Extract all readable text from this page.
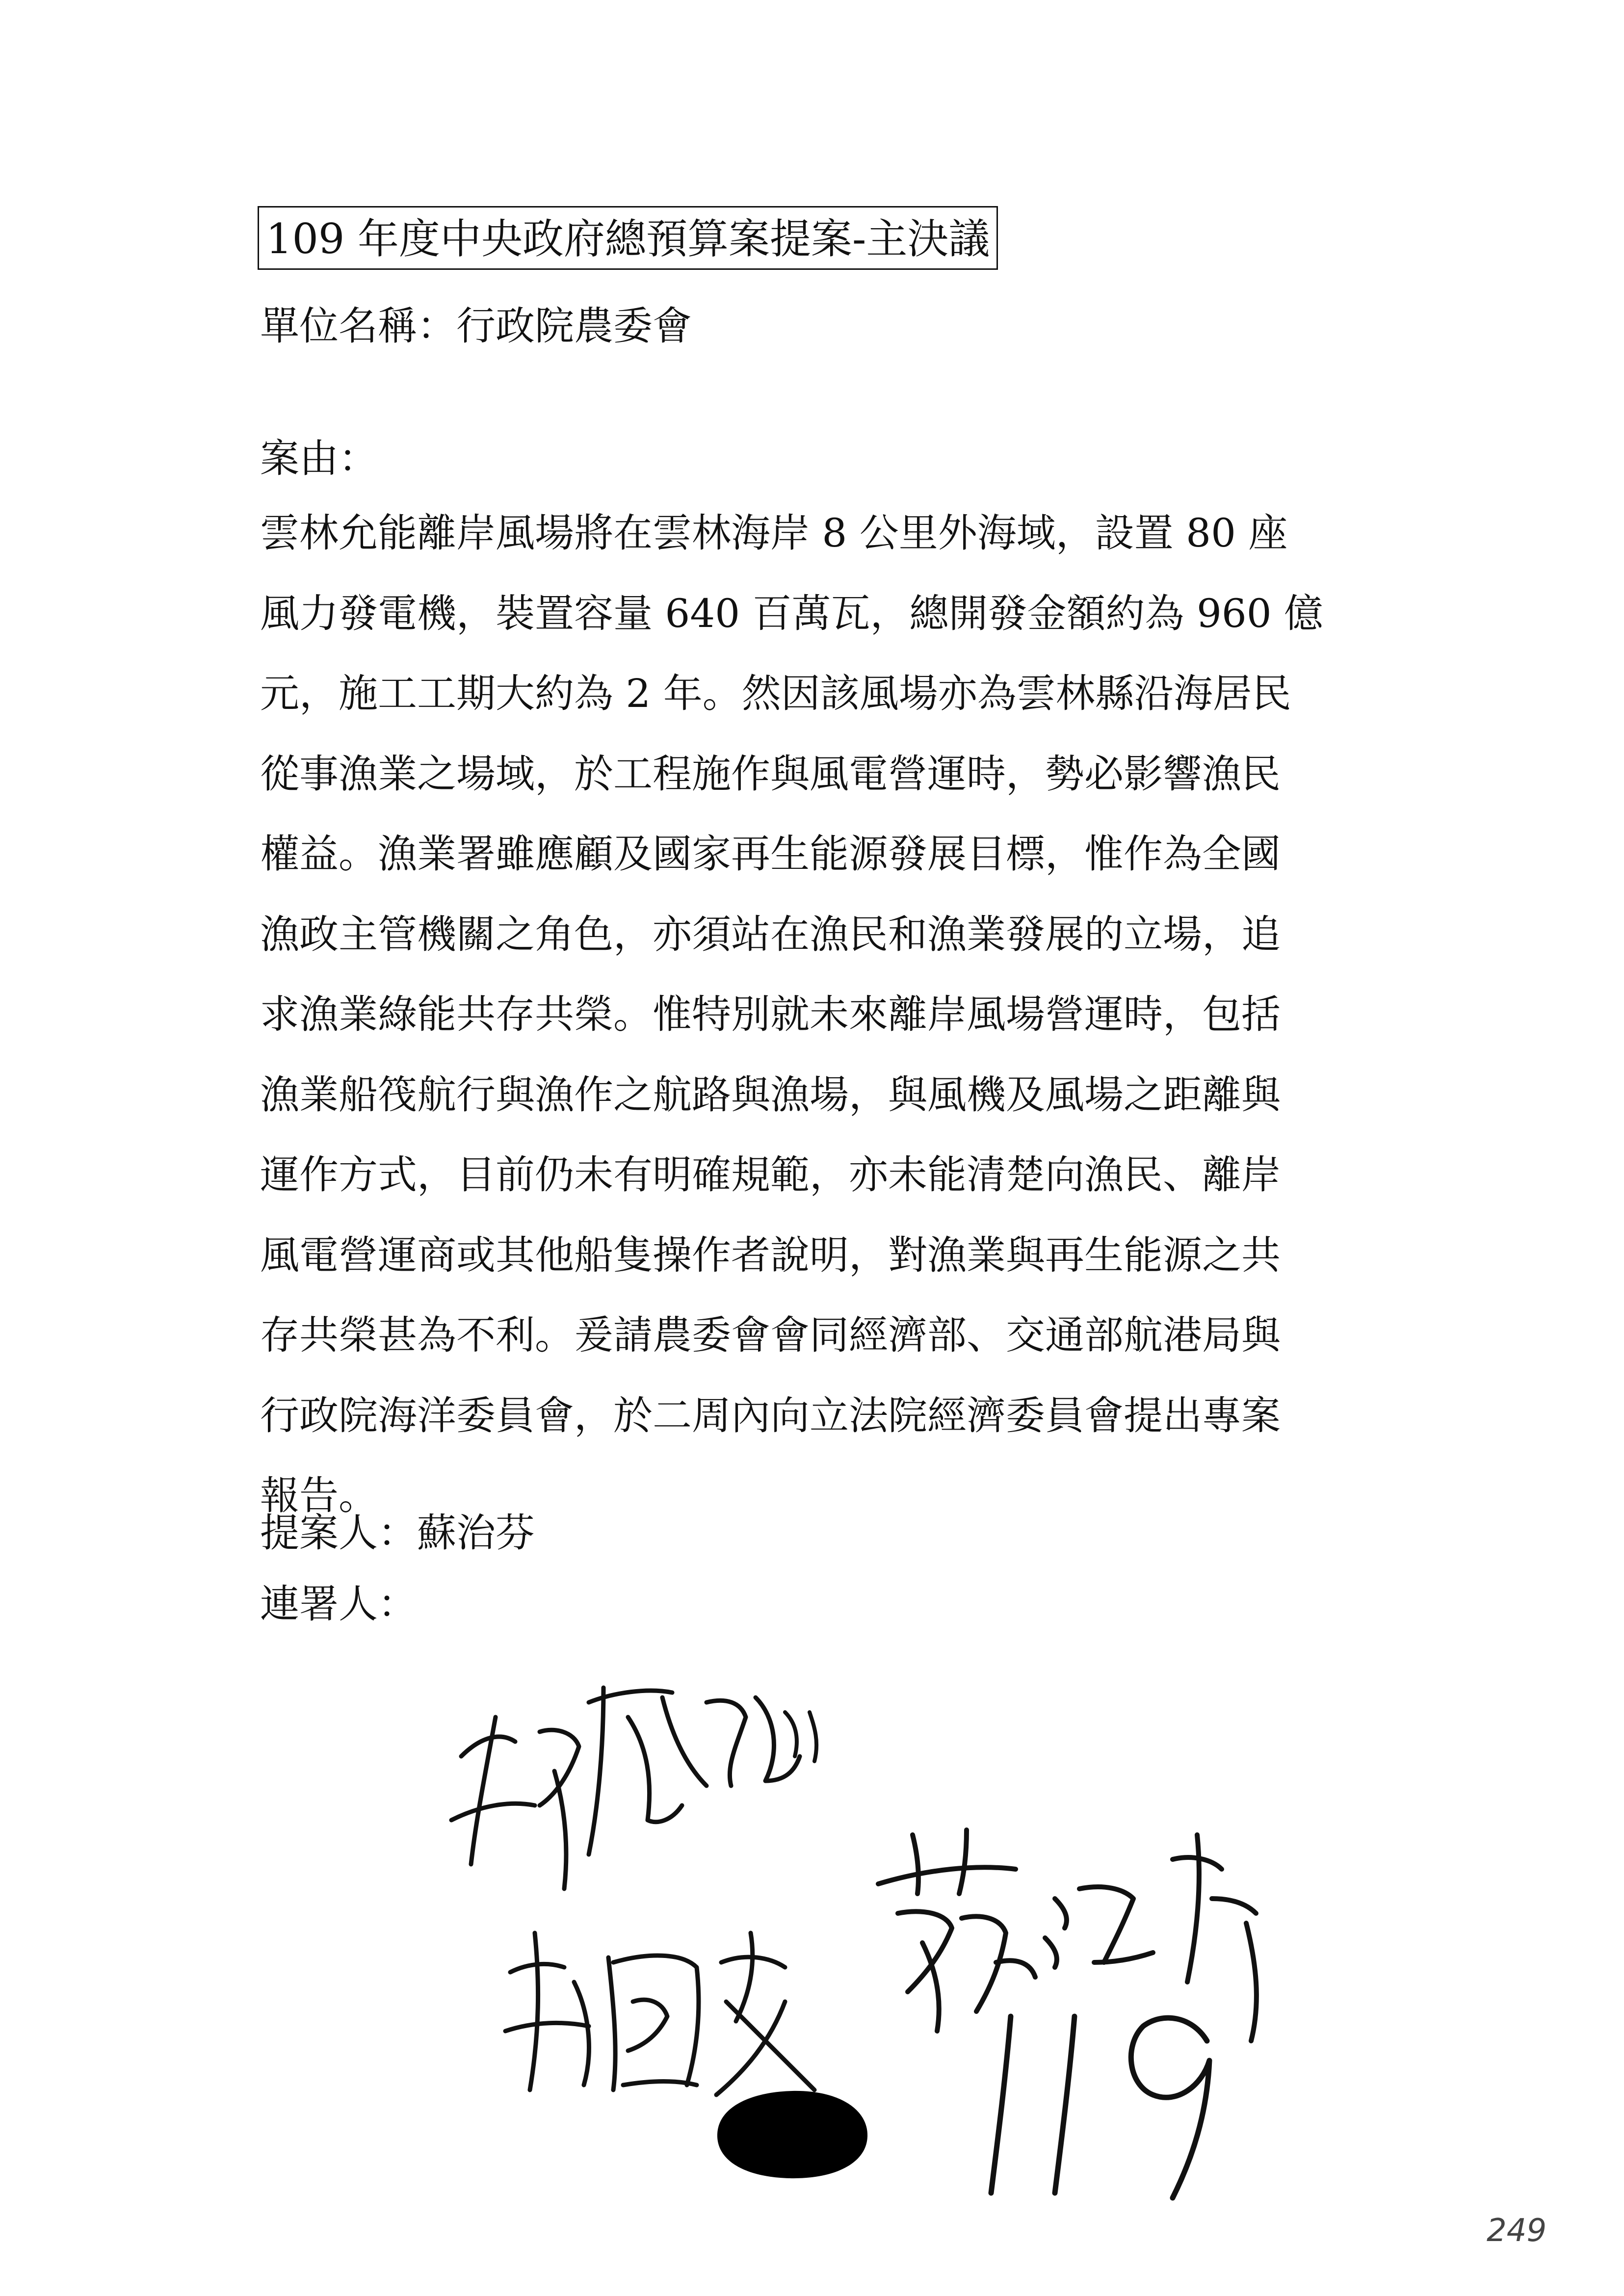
109 年度中央政府總預算案提案-主決議
單位名稱：行政院農委會
案由：
雲林允能離岸風場將在雲林海岸 8 公里外海域，設置 80 座
風力發電機，裝置容量 640 百萬瓦，總開發金額約為 960 億
元，施工工期大約為 2 年。然因該風場亦為雲林縣沿海居民
從事漁業之場域，於工程施作與風電營運時，勢必影響漁民
權益。漁業署雖應顧及國家再生能源發展目標，惟作為全國
漁政主管機關之角色，亦須站在漁民和漁業發展的立場，追
求漁業綠能共存共榮。惟特別就未來離岸風場營運時，包括
漁業船筏航行與漁作之航路與漁場，與風機及風場之距離與
運作方式，目前仍未有明確規範，亦未能清楚向漁民、離岸
風電營運商或其他船隻操作者說明，對漁業與再生能源之共
存共榮甚為不利。爰請農委會會同經濟部、交通部航港局與
行政院海洋委員會，於二周內向立法院經濟委員會提出專案
報告。
提案人：蘇治芬
連署人：
249
